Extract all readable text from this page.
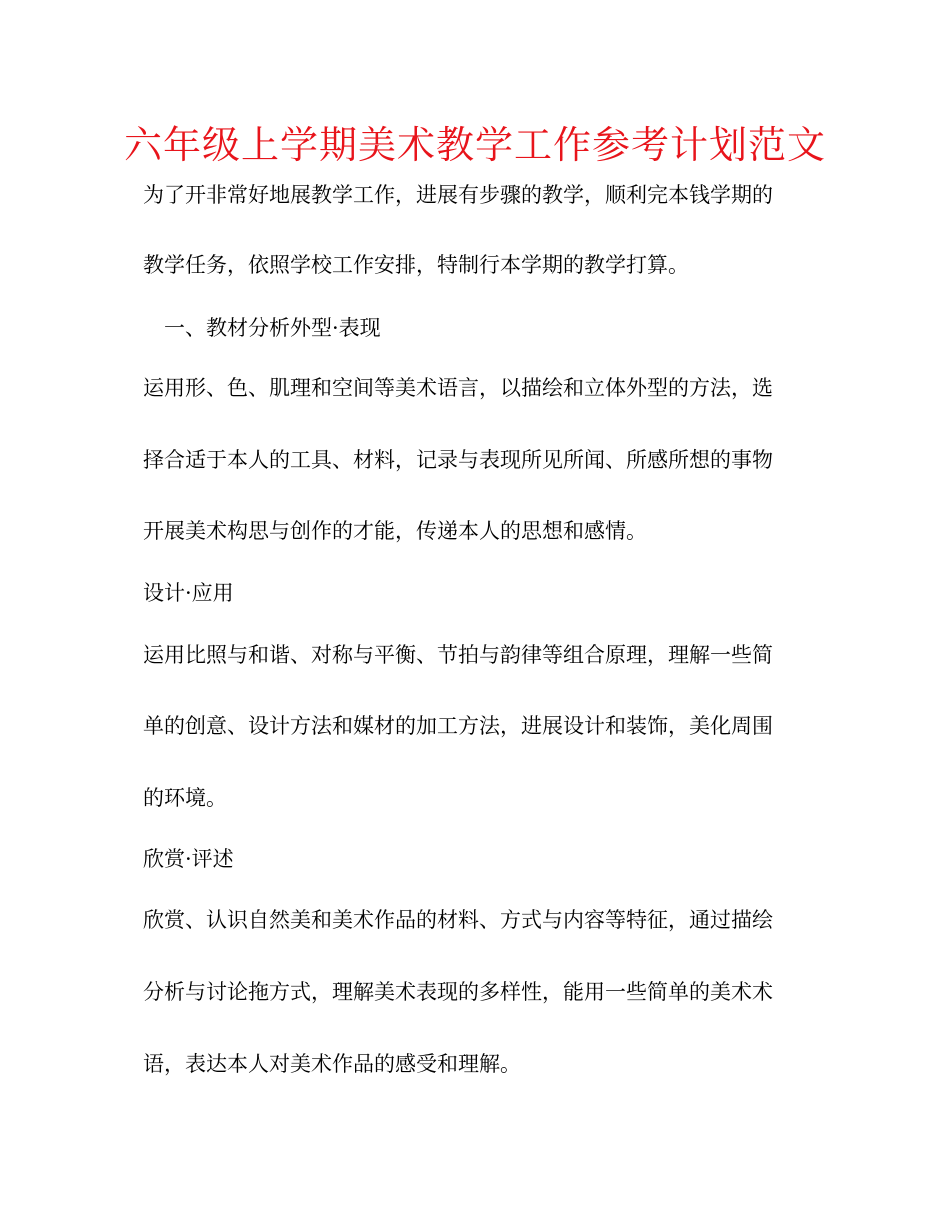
六年级上学期美术教学工作参考计划范文
为了开非常好地展教学工作，进展有步骤的教学，顺利完本钱学期的
教学任务，依照学校工作安排，特制行本学期的教学打算。
一、教材分析外型·表现
运用形、色、肌理和空间等美术语言，以描绘和立体外型的方法，选
择合适于本人的工具、材料，记录与表现所见所闻、所感所想的事物
开展美术构思与创作的才能，传递本人的思想和感情。
设计·应用
运用比照与和谐、对称与平衡、节拍与韵律等组合原理，理解一些简
单的创意、设计方法和媒材的加工方法，进展设计和装饰，美化周围
的环境。
欣赏·评述
欣赏、认识自然美和美术作品的材料、方式与内容等特征，通过描绘
分析与讨论拖方式，理解美术表现的多样性，能用一些简单的美术术
语，表达本人对美术作品的感受和理解。
